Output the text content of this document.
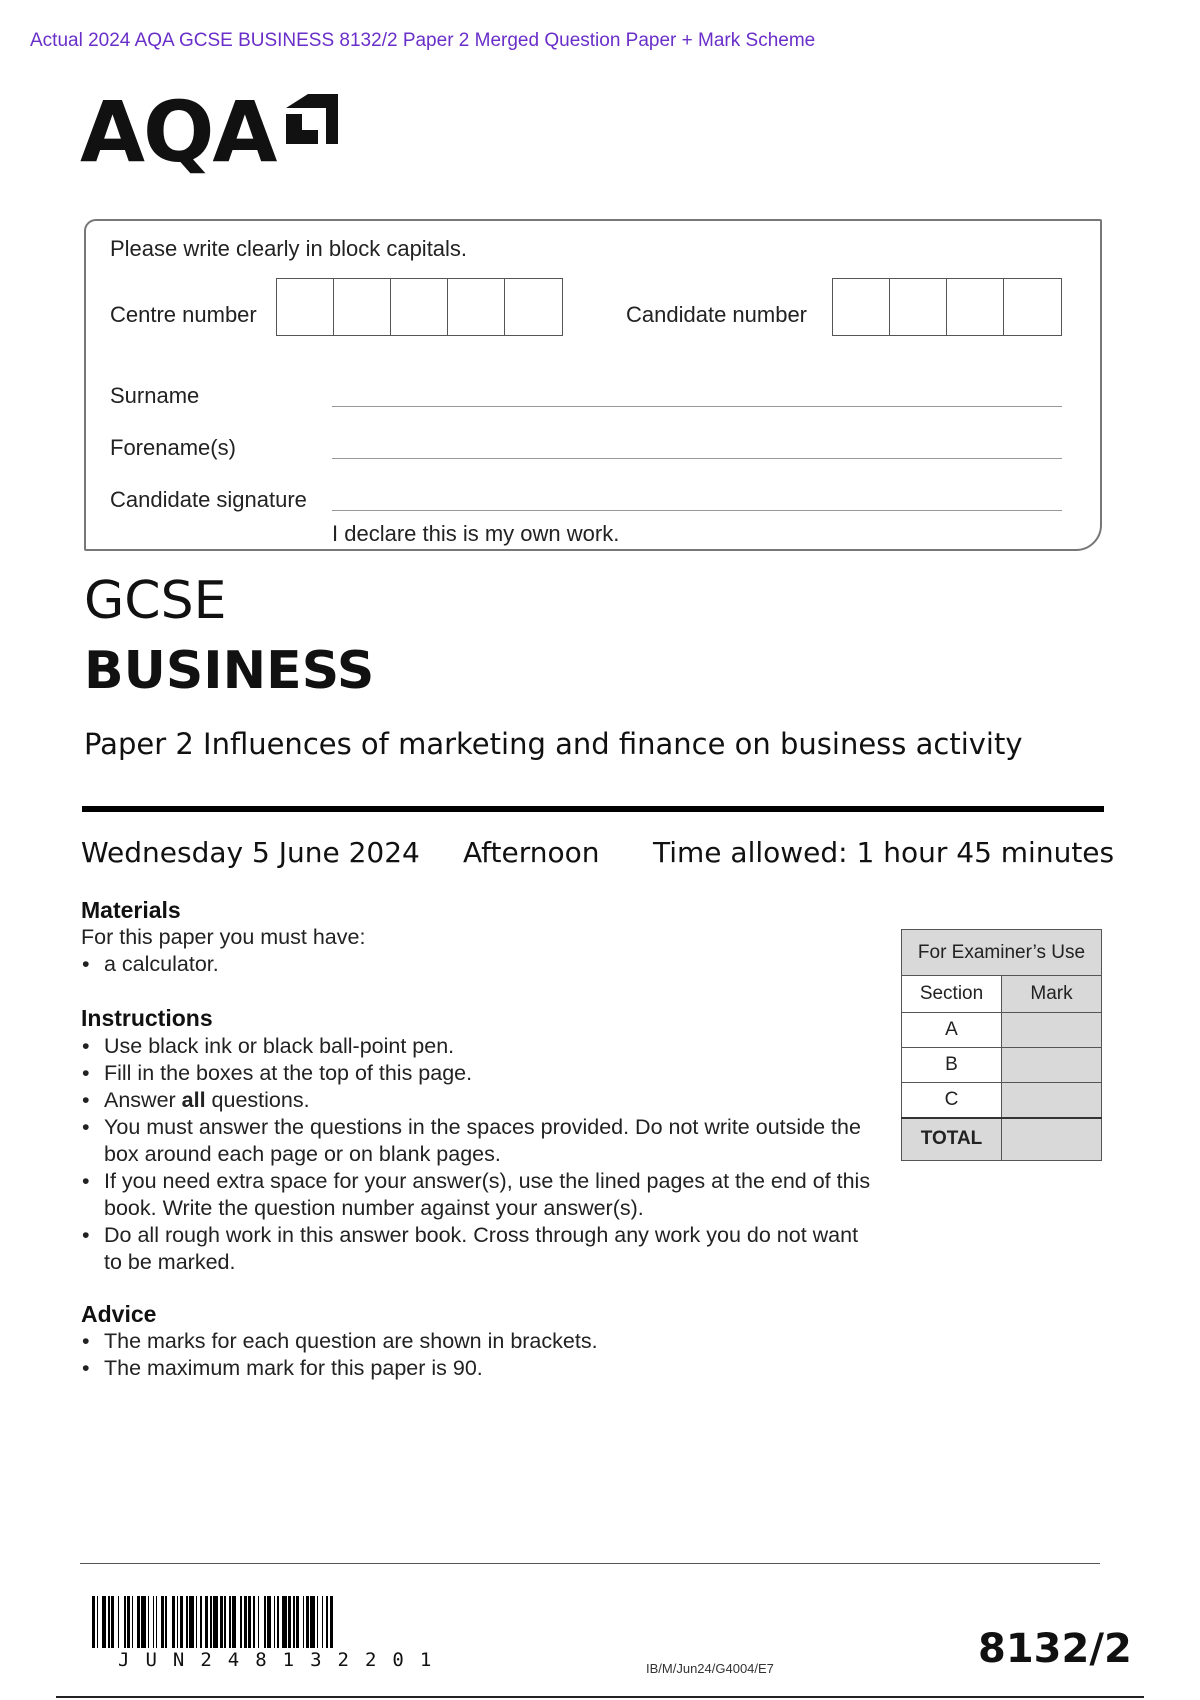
Actual 2024 AQA GCSE BUSINESS 8132/2 Paper 2 Merged Question Paper + Mark Scheme
AQA
Please write clearly in block capitals.
Centre number	Candidate number
Surname
Forename(s)
Candidate signature
I declare this is my own work.
GCSE
BUSINESS
Paper 2 Influences of marketing and finance on business activity
Wednesday 5 June 2024 Afternoon Time allowed: 1 hour 45 minutes
Materials
For this paper you must have:
• a calculator.
Instructions
• Use black ink or black ball-point pen.
• Fill in the boxes at the top of this page.
• Answer all questions.
• You must answer the questions in the spaces provided. Do not write outside the box around each page or on blank pages.
• If you need extra space for your answer(s), use the lined pages at the end of this book. Write the question number against your answer(s).
• Do all rough work in this answer book. Cross through any work you do not want to be marked.
Advice
• The marks for each question are shown in brackets.
• The maximum mark for this paper is 90.
For Examiner’s Use	
Section	Mark
A	
B	
C	
TOTAL	
JUN248132201	IB/M/Jun24/G4004/E7	8132/2
